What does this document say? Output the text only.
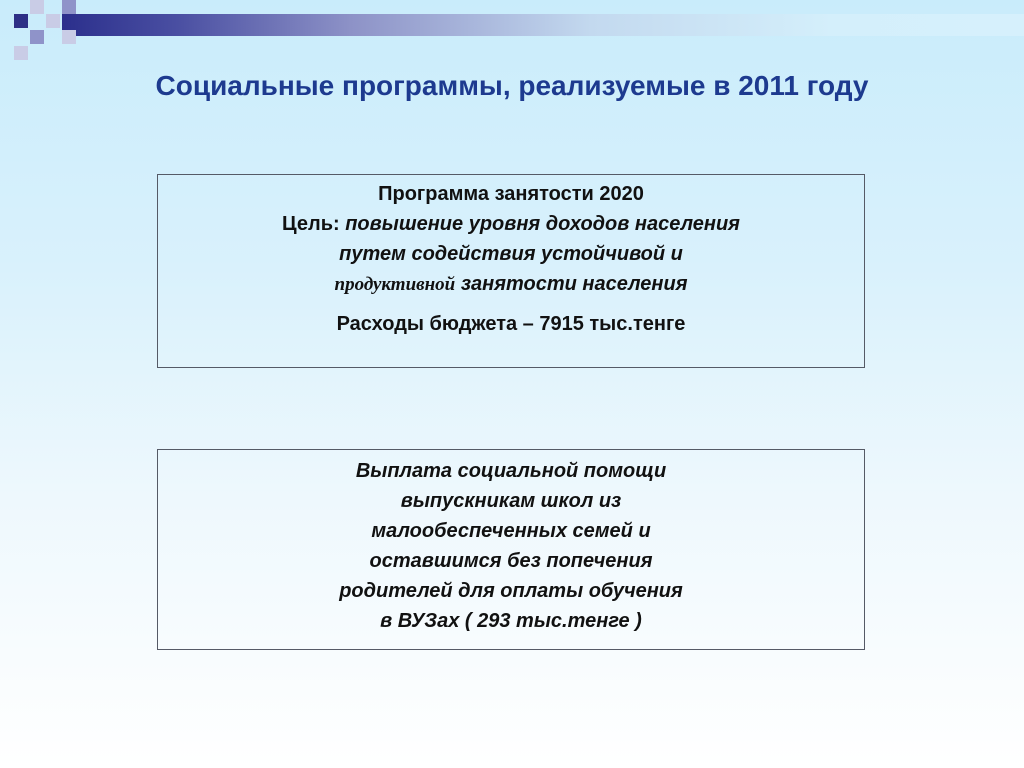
Социальные программы, реализуемые в 2011 году
Программа занятости 2020
Цель: повышение уровня доходов населения
путем содействия устойчивой и
продуктивной занятости населения
Расходы бюджета – 7915 тыс.тенге
Выплата социальной помощи
выпускникам школ из
малообеспеченных семей и
оставшимся без попечения
родителей для оплаты обучения
в ВУЗах ( 293 тыс.тенге )
